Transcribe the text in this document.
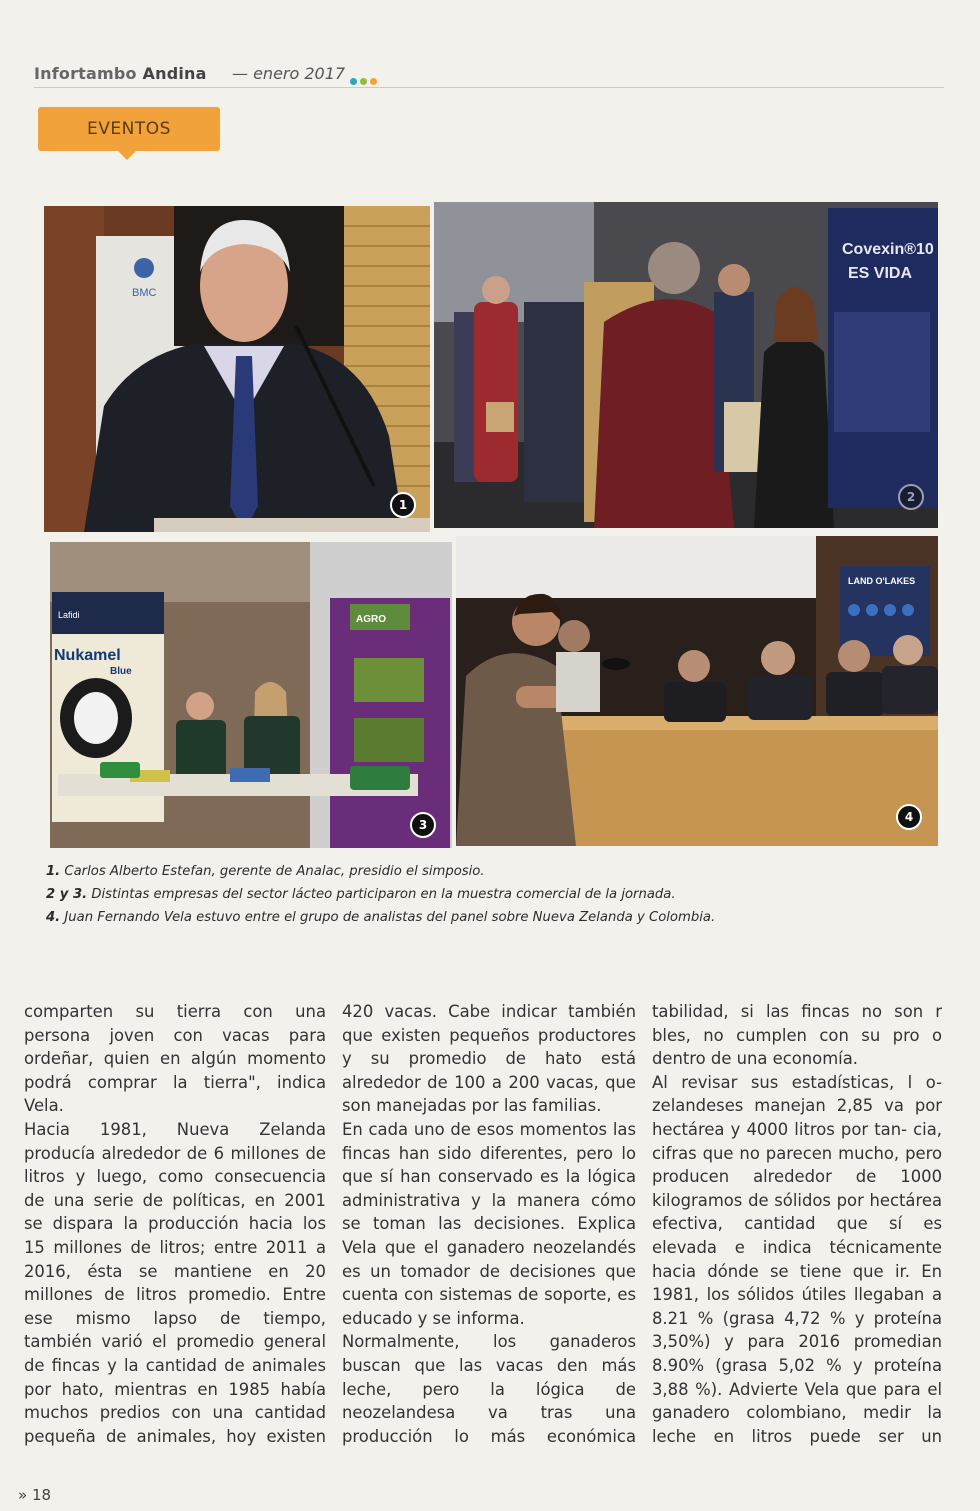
Infortambo Andina — enero 2017
EVENTOS
BMC
1
Covexin®10
ES VIDA
2
Lafidi
Nukamel
Blue
AGRO
3
LAND O'LAKES
4
1. Carlos Alberto Estefan, gerente de Analac, presidio el simposio.
2 y 3. Distintas empresas del sector lácteo participaron en la muestra comercial de la jornada.
4. Juan Fernando Vela estuvo entre el grupo de analistas del panel sobre Nueva Zelanda y Colombia.

comparten su tierra con una persona joven con vacas para ordeñar, quien en algún momento podrá comprar la tierra", indica Vela.

Hacia 1981, Nueva Zelanda producía alrededor de 6 millones de litros y luego, como consecuencia de una serie de políticas, en 2001 se dispara la producción hacia los 15 millones de litros; entre 2011 a 2016, ésta se mantiene en 20 millones de litros promedio. Entre ese mismo lapso de tiempo, también varió el promedio general de fincas y la cantidad de animales por hato, mientras en 1985 había muchos predios con una cantidad pequeña de animales, hoy existen

420 vacas. Cabe indicar también que existen pequeños productores y su promedio de hato está alrededor de 100 a 200 vacas, que son manejadas por las familias.

En cada uno de esos momentos las fincas han sido diferentes, pero lo que sí han conservado es la lógica administrativa y la manera cómo se toman las decisiones. Explica Vela que el ganadero neozelandés es un tomador de decisiones que cuenta con sistemas de soporte, es educado y se informa.

Normalmente, los ganaderos buscan que las vacas den más leche, pero la lógica de neozelandesa va tras una producción lo más económica

tabilidad, si las fincas no son r bles, no cumplen con su pro o dentro de una economía.

Al revisar sus estadísticas, l o- zelandeses manejan 2,85 va por hectárea y 4000 litros por tan- cia, cifras que no parecen mucho, pero producen alrededor de 1000 kilogramos de sólidos por hectárea efectiva, cantidad que sí es elevada e indica técnicamente hacia dónde se tiene que ir. En 1981, los sólidos útiles llegaban a 8.21 % (grasa 4,72 % y proteína 3,50%) y para 2016 promedian 8.90% (grasa 5,02 % y proteína 3,88 %). Advierte Vela que para el ganadero colombiano, medir la leche en litros puede ser un

» 18
